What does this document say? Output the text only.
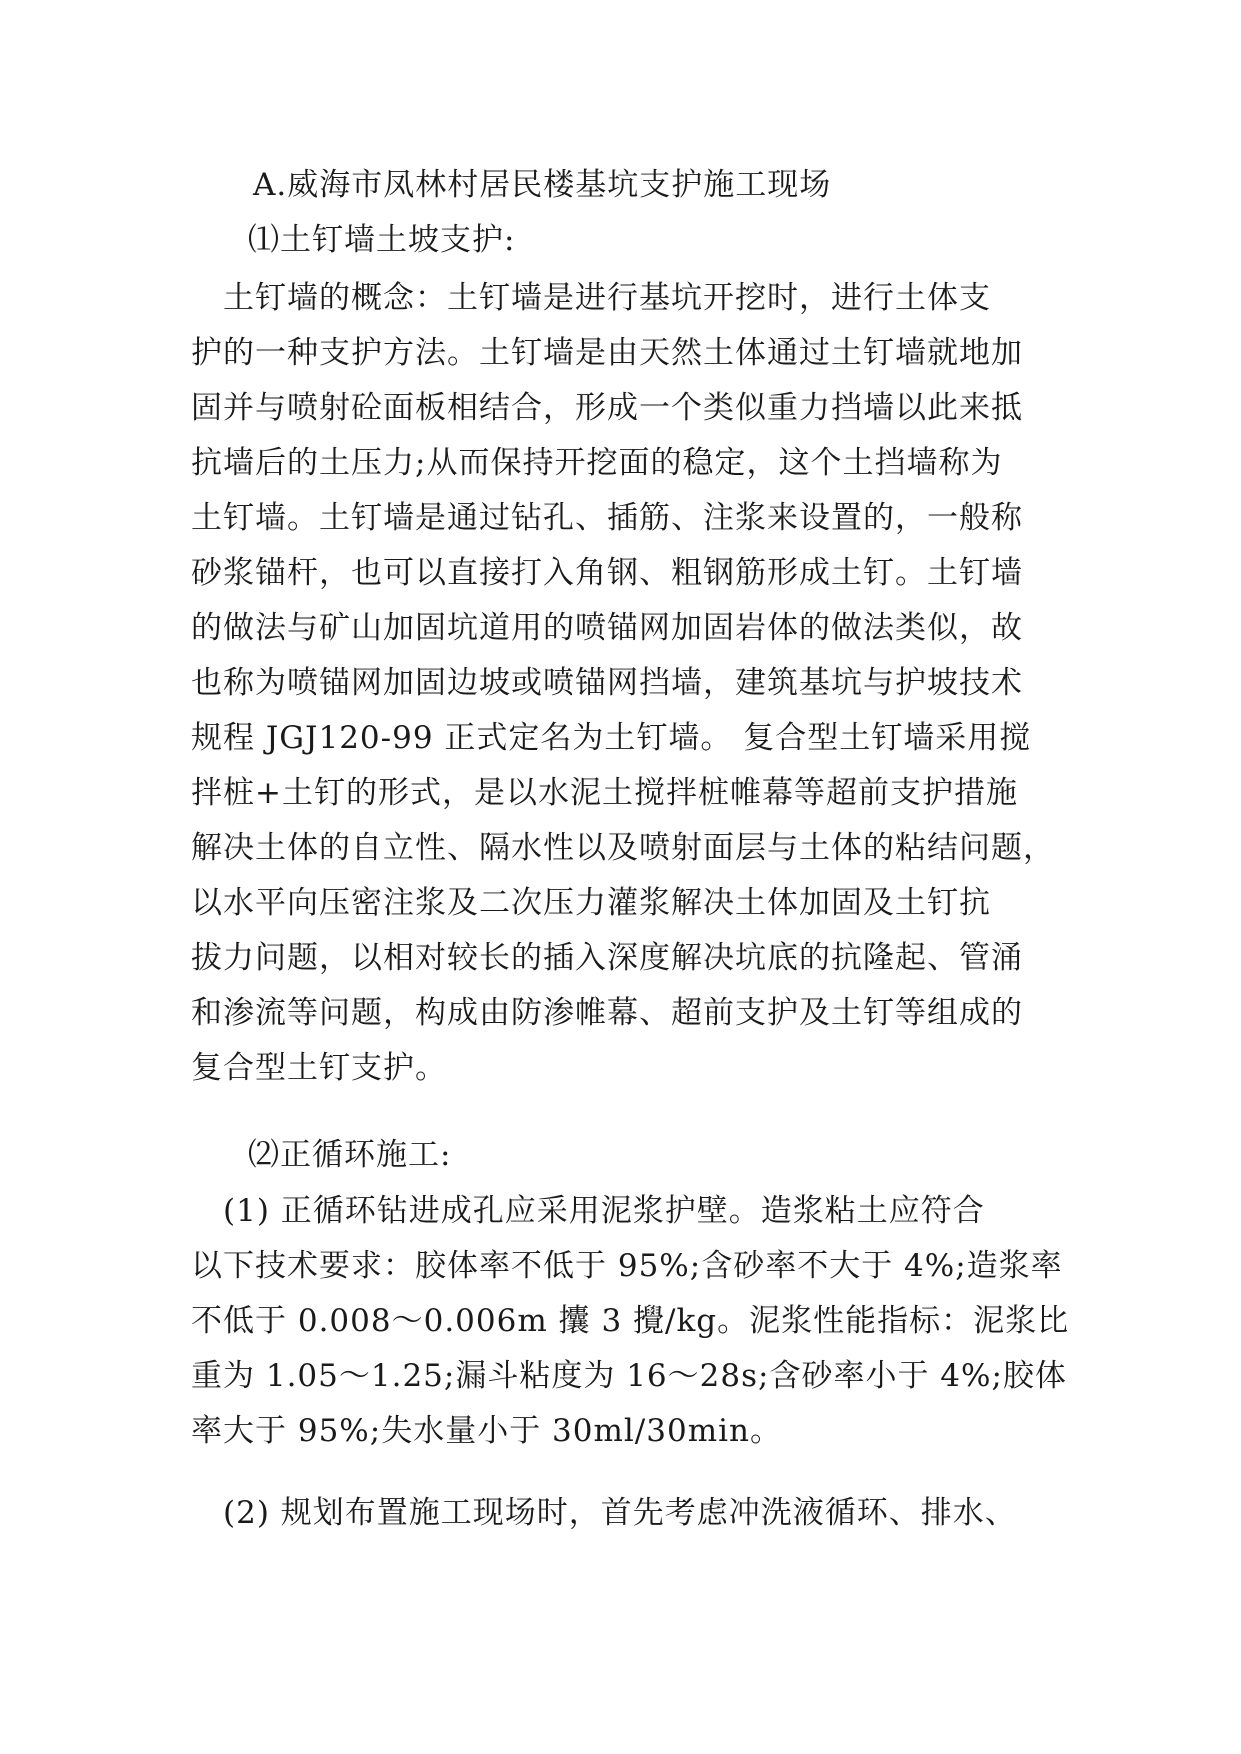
A.威海市凤林村居民楼基坑支护施工现场
⑴土钉墙土坡支护:
　土钉墙的概念：土钉墙是进行基坑开挖时，进行土体支
护的一种支护方法。土钉墙是由天然土体通过土钉墙就地加
固并与喷射砼面板相结合，形成一个类似重力挡墙以此来抵
抗墙后的土压力;从而保持开挖面的稳定，这个土挡墙称为
土钉墙。土钉墙是通过钻孔、插筋、注浆来设置的，一般称
砂浆锚杆，也可以直接打入角钢、粗钢筋形成土钉。土钉墙
的做法与矿山加固坑道用的喷锚网加固岩体的做法类似，故
也称为喷锚网加固边坡或喷锚网挡墙，建筑基坑与护坡技术
规程 JGJ120-99 正式定名为土钉墙。 复合型土钉墙采用搅
拌桩+土钉的形式，是以水泥土搅拌桩帷幕等超前支护措施
解决土体的自立性、隔水性以及喷射面层与土体的粘结问题，
以水平向压密注浆及二次压力灌浆解决土体加固及土钉抗
拔力问题，以相对较长的插入深度解决坑底的抗隆起、管涌
和渗流等问题，构成由防渗帷幕、超前支护及土钉等组成的
复合型土钉支护。
⑵正循环施工:
　(1) 正循环钻进成孔应采用泥浆护壁。造浆粘土应符合
以下技术要求：胶体率不低于 95%;含砂率不大于 4%;造浆率
不低于 0.008～0.006m 攮 3 攪/kg。泥浆性能指标：泥浆比
重为 1.05～1.25;漏斗粘度为 16～28s;含砂率小于 4%;胶体
率大于 95%;失水量小于 30ml/30min。
　(2) 规划布置施工现场时，首先考虑冲洗液循环、排水、
